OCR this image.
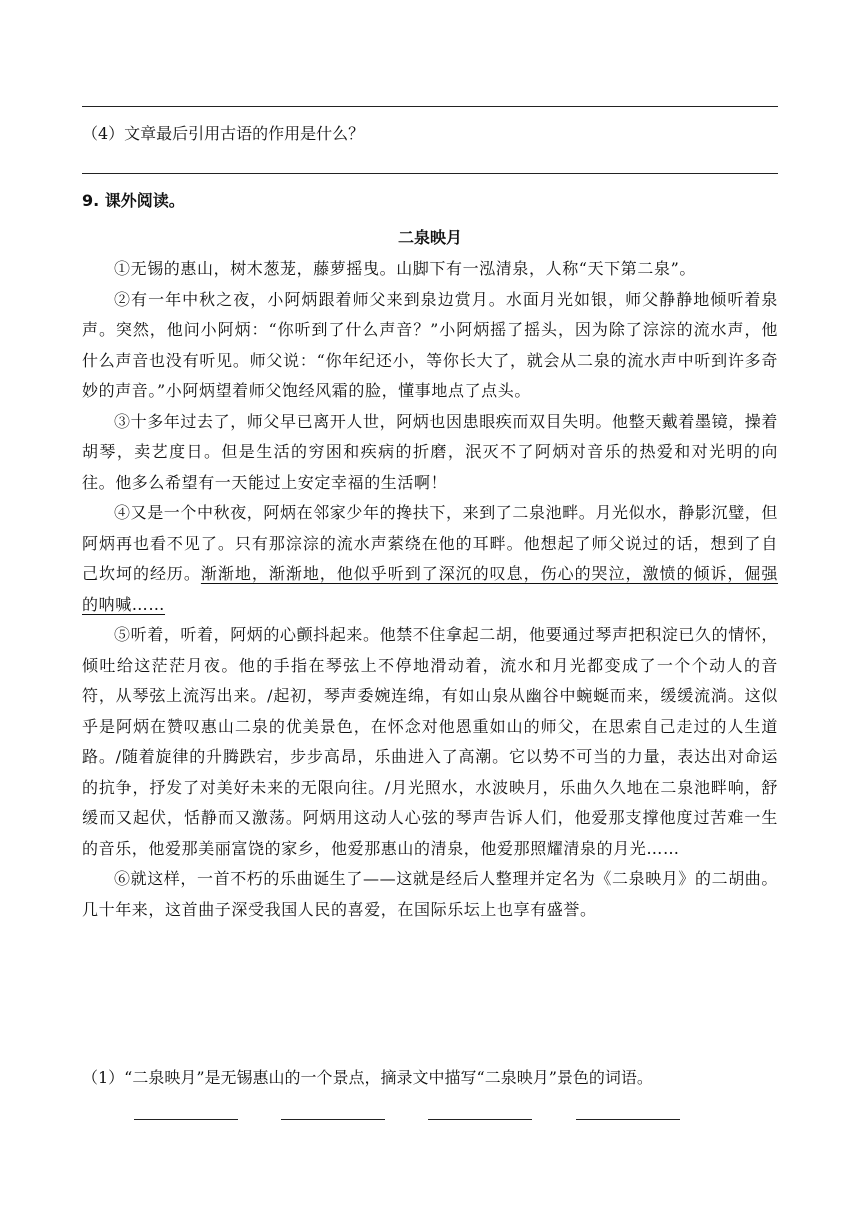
（4）文章最后引用古语的作用是什么？
9. 课外阅读。
二泉映月

①无锡的惠山，树木葱茏，藤萝摇曳。山脚下有一泓清泉，人称“天下第二泉”。

②有一年中秋之夜，小阿炳跟着师父来到泉边赏月。水面月光如银，师父静静地倾听着泉声。突然，他问小阿炳：“你听到了什么声音？”小阿炳摇了摇头，因为除了淙淙的流水声，他什么声音也没有听见。师父说：“你年纪还小，等你长大了，就会从二泉的流水声中听到许多奇妙的声音。”小阿炳望着师父饱经风霜的脸，懂事地点了点头。

③十多年过去了，师父早已离开人世，阿炳也因患眼疾而双目失明。他整天戴着墨镜，操着胡琴，卖艺度日。但是生活的穷困和疾病的折磨，泯灭不了阿炳对音乐的热爱和对光明的向往。他多么希望有一天能过上安定幸福的生活啊！

④又是一个中秋夜，阿炳在邻家少年的搀扶下，来到了二泉池畔。月光似水，静影沉璧，但阿炳再也看不见了。只有那淙淙的流水声萦绕在他的耳畔。他想起了师父说过的话，想到了自己坎坷的经历。渐渐地，渐渐地，他似乎听到了深沉的叹息，伤心的哭泣，激愤的倾诉，倔强的呐喊……

⑤听着，听着，阿炳的心颤抖起来。他禁不住拿起二胡，他要通过琴声把积淀已久的情怀，倾吐给这茫茫月夜。他的手指在琴弦上不停地滑动着，流水和月光都变成了一个个动人的音符，从琴弦上流泻出来。/起初，琴声委婉连绵，有如山泉从幽谷中蜿蜒而来，缓缓流淌。这似乎是阿炳在赞叹惠山二泉的优美景色，在怀念对他恩重如山的师父，在思索自己走过的人生道路。/随着旋律的升腾跌宕，步步高昂，乐曲进入了高潮。它以势不可当的力量，表达出对命运的抗争，抒发了对美好未来的无限向往。/月光照水，水波映月，乐曲久久地在二泉池畔响，舒缓而又起伏，恬静而又激荡。阿炳用这动人心弦的琴声告诉人们，他爱那支撑他度过苦难一生的音乐，他爱那美丽富饶的家乡，他爱那惠山的清泉，他爱那照耀清泉的月光……

⑥就这样，一首不朽的乐曲诞生了——这就是经后人整理并定名为《二泉映月》的二胡曲。几十年来，这首曲子深受我国人民的喜爱，在国际乐坛上也享有盛誉。

（1）“二泉映月”是无锡惠山的一个景点，摘录文中描写“二泉映月”景色的词语。
